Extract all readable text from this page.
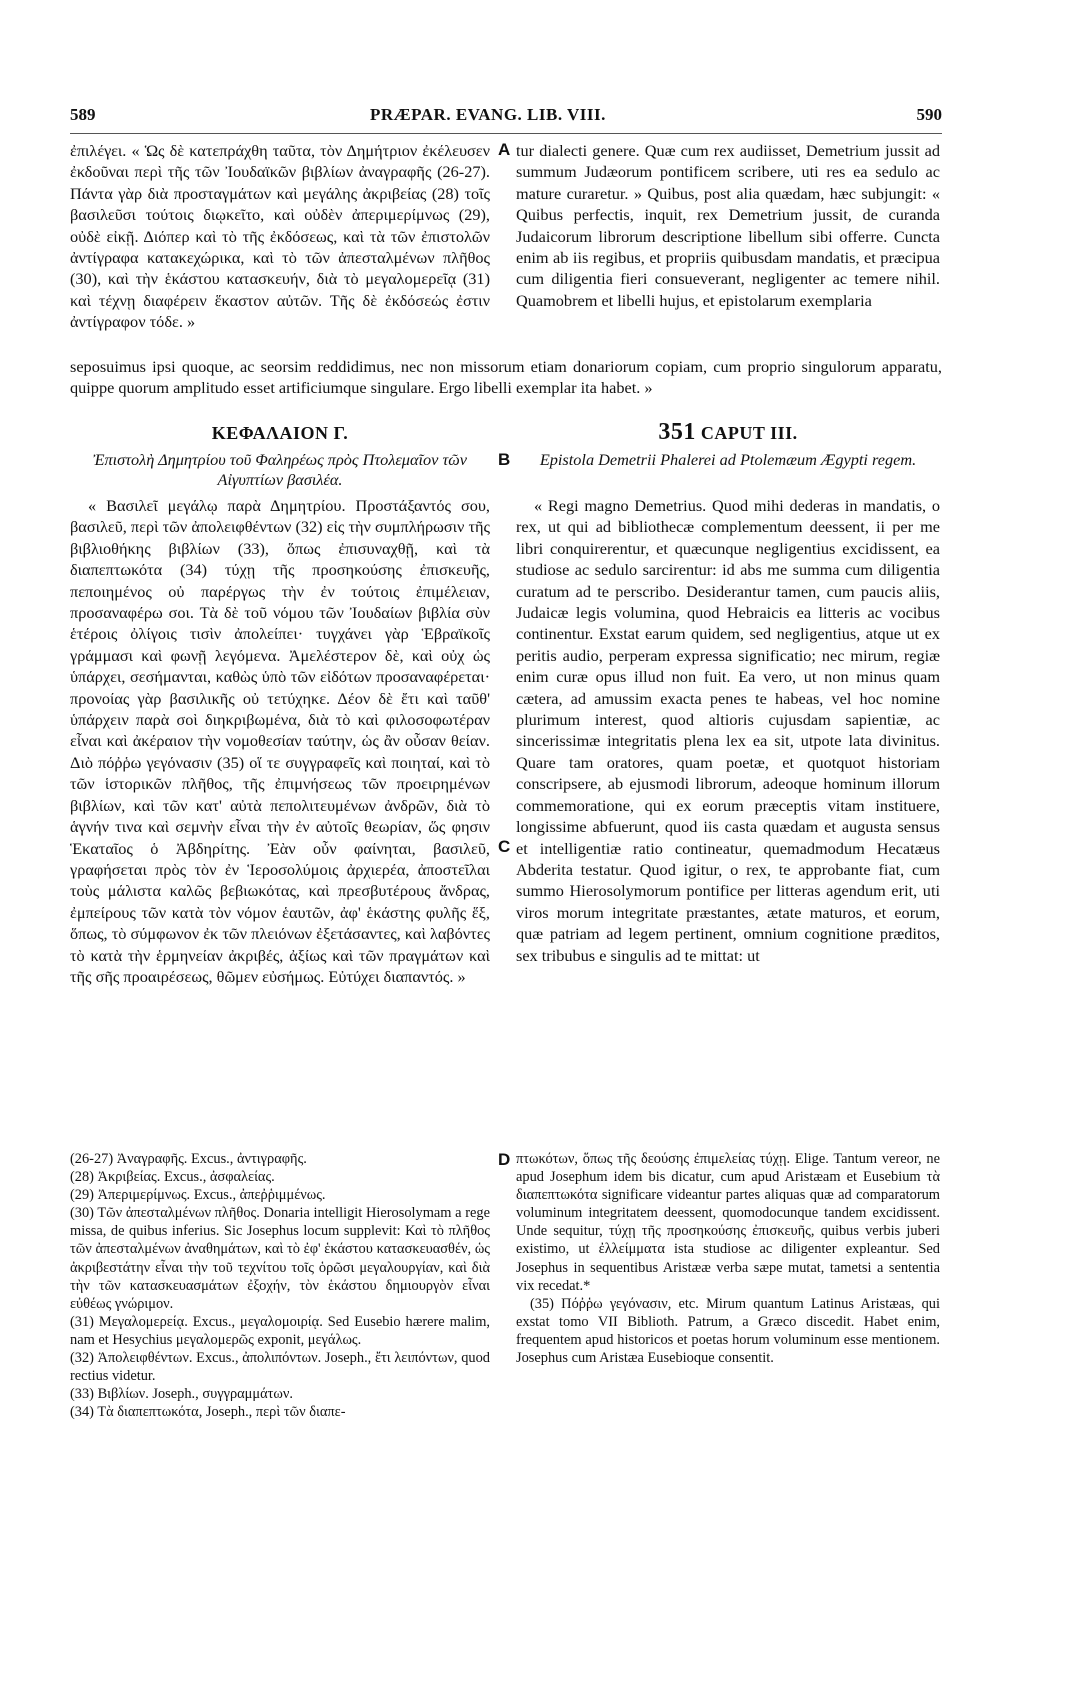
589	PRÆPAR. EVANG. LIB. VIII.	590

ἐπιλέγει. « Ὡς δὲ κατεπράχθη ταῦτα, τὸν Δημήτριον ἐκέλευσεν ἐκδοῦναι περὶ τῆς τῶν Ἰουδαϊκῶν βιβλίων ἀναγραφῆς (26-27). Πάντα γὰρ διὰ προσταγμάτων καὶ μεγάλης ἀκριβείας (28) τοῖς βασιλεῦσι τούτοις διῳκεῖτο, καὶ οὐδὲν ἀπεριμερίμνως (29), οὐδὲ εἰκῇ. Διόπερ καὶ τὸ τῆς ἐκδόσεως, καὶ τὰ τῶν ἐπιστολῶν ἀντίγραφα κατακεχώρικα, καὶ τὸ τῶν ἀπεσταλμένων πλῆθος (30), καὶ τὴν ἑκάστου κατασκευήν, διὰ τὸ μεγαλομερεῖᾳ (31) καὶ τέχνῃ διαφέρειν ἕκαστον αὐτῶν. Τῆς δὲ ἐκδόσεώς ἐστιν ἀντίγραφον τόδε. »

A tur dialecti genere. Quæ cum rex audiisset, Demetrium jussit ad summum Judæorum pontificem scribere, uti res ea sedulo ac mature curaretur. » Quibus, post alia quædam, hæc subjungit: « Quibus perfectis, inquit, rex Demetrium jussit, de curanda Judaicorum librorum descriptione libellum sibi offerre. Cuncta enim ab iis regibus, et propriis quibusdam mandatis, et præcipua cum diligentia fieri consueverant, negligenter ac temere nihil. Quamobrem et libelli hujus, et epistolarum exemplaria

seposuimus ipsi quoque, ac seorsim reddidimus, nec non missorum etiam donariorum copiam, cum proprio singulorum apparatu, quippe quorum amplitudo esset artificiumque singulare. Ergo libelli exemplar ita habet. »

ΚΕΦΑΛΑΙΟΝ Γ.	351 CAPUT III.
Ἐπιστολὴ Δημητρίου τοῦ Φαληρέως πρὸς Πτολεμαῖον τῶν Αἰγυπτίων βασιλέα.
B	Epistola Demetrii Phalerei ad Ptolemæum Ægypti regem.

« Βασιλεῖ μεγάλῳ παρὰ Δημητρίου. Προστάξαντός σου, βασιλεῦ, περὶ τῶν ἀπολειφθέντων (32) εἰς τὴν συμπλήρωσιν τῆς βιβλιοθήκης βιβλίων (33), ὅπως ἐπισυναχθῇ, καὶ τὰ διαπεπτωκότα (34) τύχῃ τῆς προσηκούσης ἐπισκευῆς, πεποιημένος οὐ παρέργως τὴν ἐν τούτοις ἐπιμέλειαν, προσαναφέρω σοι. Τὰ δὲ τοῦ νόμου τῶν Ἰουδαίων βιβλία σὺν ἑτέροις ὀλίγοις τισὶν ἀπολείπει· τυγχάνει γὰρ Ἑβραϊκοῖς γράμμασι καὶ φωνῇ λεγόμενα. Ἀμελέστερον δὲ, καὶ οὐχ ὡς ὑπάρχει, σεσήμανται, καθὼς ὑπὸ τῶν εἰδότων προσαναφέρεται· προνοίας γὰρ βασιλικῆς οὐ τετύχηκε. Δέον δὲ ἔτι καὶ ταῦθ' ὑπάρχειν παρὰ σοὶ διηκριβωμένα, διὰ τὸ καὶ φιλοσοφωτέραν εἶναι καὶ ἀκέραιον τὴν νομοθεσίαν ταύτην, ὡς ἂν οὖσαν θείαν. Διὸ πόῤῥω γεγόνασιν (35) οἵ τε συγγραφεῖς καὶ ποιηταί, καὶ τὸ τῶν ἱστορικῶν πλῆθος, τῆς ἐπιμνήσεως τῶν προειρημένων βιβλίων, καὶ τῶν κατ' αὐτὰ πεπολιτευμένων ἀνδρῶν, διὰ τὸ ἁγνήν τινα καὶ σεμνὴν εἶναι τὴν ἐν αὐτοῖς θεωρίαν, ὥς φησιν Ἑκαταῖος ὁ Ἀβδηρίτης. Ἐὰν οὖν φαίνηται, βασιλεῦ, γραφήσεται πρὸς τὸν ἐν Ἱεροσολύμοις ἀρχιερέα, ἀποστεῖλαι τοὺς μάλιστα καλῶς βεβιωκότας, καὶ πρεσβυτέρους ἄνδρας, ἐμπείρους τῶν κατὰ τὸν νόμον ἑαυτῶν, ἀφ' ἑκάστης φυλῆς ἕξ, ὅπως, τὸ σύμφωνον ἐκ τῶν πλειόνων ἐξετάσαντες, καὶ λαβόντες τὸ κατὰ τὴν ἑρμηνείαν ἀκριβές, ἀξίως καὶ τῶν πραγμάτων καὶ τῆς σῆς προαιρέσεως, θῶμεν εὐσήμως. Εὐτύχει διαπαντός. »

C

« Regi magno Demetrius. Quod mihi dederas in mandatis, o rex, ut qui ad bibliothecæ complementum deessent, ii per me libri conquirerentur, et quæcunque negligentius excidissent, ea studiose ac sedulo sarcirentur: id abs me summa cum diligentia curatum ad te perscribo. Desiderantur tamen, cum paucis aliis, Judaicæ legis volumina, quod Hebraicis ea litteris ac vocibus continentur. Exstat earum quidem, sed negligentius, atque ut ex peritis audio, perperam expressa significatio; nec mirum, regiæ enim curæ opus illud non fuit. Ea vero, ut non minus quam cætera, ad amussim exacta penes te habeas, vel hoc nomine plurimum interest, quod altioris cujusdam sapientiæ, ac sincerissimæ integritatis plena lex ea sit, utpote lata divinitus. Quare tam oratores, quam poetæ, et quotquot historiam conscripsere, ab ejusmodi librorum, adeoque hominum illorum commemoratione, qui ex eorum præceptis vitam instituere, longissime abfuerunt, quod iis casta quædam et augusta sensus et intelligentiæ ratio contineatur, quemadmodum Hecatæus Abderita testatur. Quod igitur, o rex, te approbante fiat, cum summo Hierosolymorum pontifice per litteras agendum erit, uti viros morum integritate præstantes, ætate maturos, et eorum, quæ patriam ad legem pertinent, omnium cognitione præditos, sex tribubus e singulis ad te mittat: ut

(26-27) Ἀναγραφῆς. Excus., ἀντιγραφῆς.

(28) Ἀκριβείας. Excus., ἀσφαλείας.

(29) Ἀπεριμερίμνως. Excus., ἀπεῤῥιμμένως.

(30) Τῶν ἀπεσταλμένων πλῆθος. Donaria intelligit Hierosolymam a rege missa, de quibus inferius. Sic Josephus locum supplevit: Καὶ τὸ πλῆθος τῶν ἀπεσταλμένων ἀναθημάτων, καὶ τὸ ἐφ' ἑκάστου κατασκευασθέν, ὡς ἀκριβεστάτην εἶναι τὴν τοῦ τεχνίτου τοῖς ὁρῶσι μεγαλουργίαν, καὶ διὰ τὴν τῶν κατασκευασμάτων ἐξοχήν, τὸν ἑκάστου δημιουργὸν εἶναι εὐθέως γνώριμον.

(31) Μεγαλομερείᾳ. Excus., μεγαλομοιρίᾳ. Sed Eusebio hærere malim, nam et Hesychius μεγαλομερῶς exponit, μεγάλως.

(32) Ἀπολειφθέντων. Excus., ἀπολιπόντων. Joseph., ἔτι λειπόντων, quod rectius videtur.

(33) Βιβλίων. Joseph., συγγραμμάτων.

(34) Τὰ διαπεπτωκότα, Joseph., περὶ τῶν διαπε-

D πτωκότων, ὅπως τῆς δεούσης ἐπιμελείας τύχῃ. Elige. Tantum vereor, ne apud Josephum idem bis dicatur, cum apud Aristæam et Eusebium τὰ διαπεπτωκότα significare videantur partes aliquas quæ ad comparatorum voluminum integritatem deessent, quomodocunque tandem excidissent. Unde sequitur, τύχῃ τῆς προσηκούσης ἐπισκευῆς, quibus verbis juberi existimo, ut ἐλλείμματα ista studiose ac diligenter expleantur. Sed Josephus in sequentibus Aristææ verba sæpe mutat, tametsi a sententia vix recedat.*

(35) Πόῤῥω γεγόνασιν, etc. Mirum quantum Latinus Aristæas, qui exstat tomo VII Biblioth. Patrum, a Græco discedit. Habet enim, frequentem apud historicos et poetas horum voluminum esse mentionem. Josephus cum Aristæa Eusebioque consentit.
